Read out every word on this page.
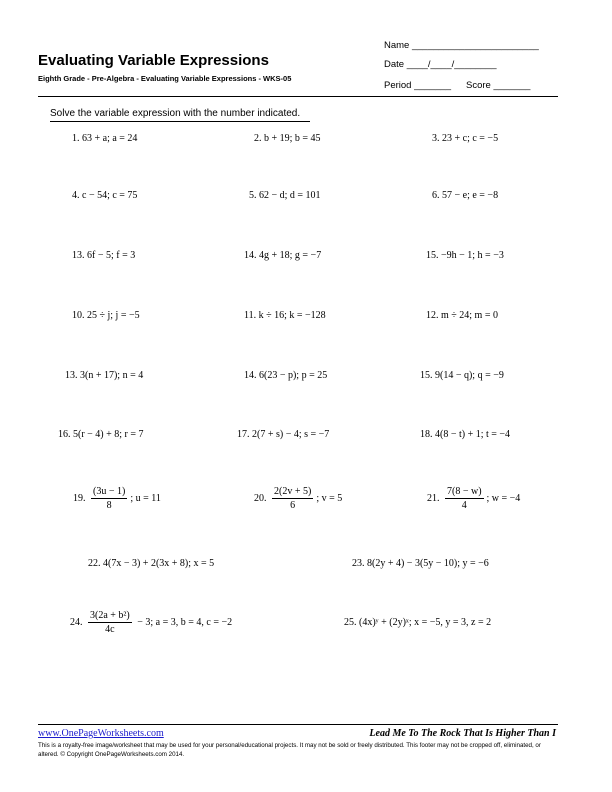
Name ________________________
Evaluating Variable Expressions	Date ____/____/________
Eighth Grade - Pre-Algebra - Evaluating Variable Expressions - WKS-05
Period _______ Score _______
Solve the variable expression with the number indicated.
1. 63 + a; a = 24	2. b + 19; b = 45	3. 23 + c; c = −5
4. c − 54; c = 75	5. 62 − d; d = 101	6. 57 − e; e = −8
13. 6f − 5; f = 3	14. 4g + 18; g = −7	15. −9h − 1; h = −3
10. 25 ÷ j; j = −5	11. k ÷ 16; k = −128	12. m ÷ 24; m = 0
13. 3(n + 17); n = 4	14. 6(23 − p); p = 25	15. 9(14 − q); q = −9
16. 5(r − 4) + 8; r = 7	17. 2(7 + s) − 4; s = −7	18. 4(8 − t) + 1; t = −4
19. $\frac{(3u - 1)}{8}$ ; u = 11	20. $\frac{2(2v + 5)}{6}$ ; v = 5	21. $\frac{7(8 - w)}{4}$ ; w = −4
22. 4(7x − 3) + 2(3x + 8); x = 5	23. 8(2y + 4) − 3(5y − 10); y = −6
24. $\frac{\text{3(2a + b²)}}{4c} - 3$; a = 3, b = 4, c = −2	25. (4x)ʸ + (2y)ˣ; x = −5, y = 3, z = 2
www.OnePageWorksheets.com	Lead Me To The Rock That Is Higher Than I
This is a royalty-free image/worksheet that may be used for your personal/educational projects. It may not be sold or freely distributed. This footer may not be cropped off, eliminated, or altered. © Copyright OnePageWorksheets.com 2014.
